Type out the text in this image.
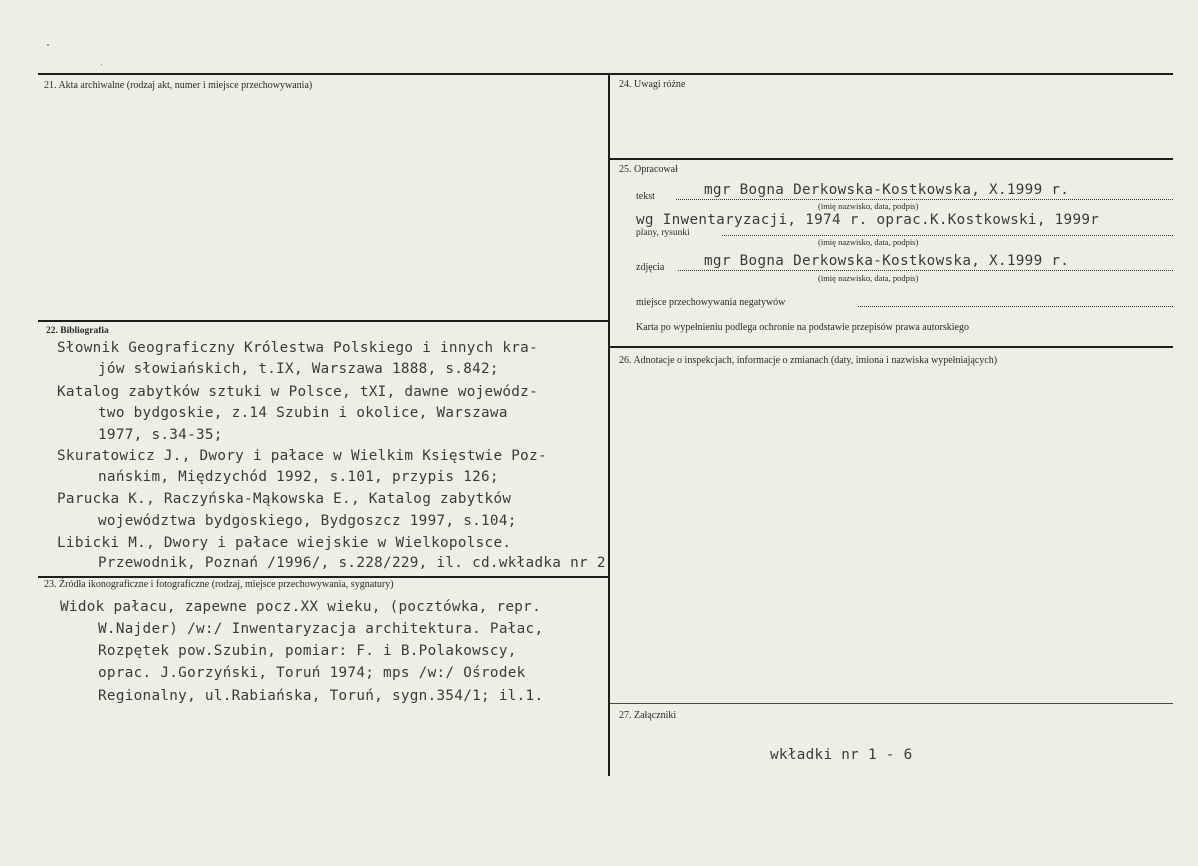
21. Akta archiwalne (rodzaj akt, numer i miejsce przechowywania)
22. Bibliografia
Słownik Geograficzny Królestwa Polskiego i innych kra-
jów słowiańskich, t.IX, Warszawa 1888, s.842;
Katalog zabytków sztuki w Polsce, tXI, dawne wojewódz-
two bydgoskie, z.14 Szubin i okolice, Warszawa
1977, s.34-35;
Skuratowicz J., Dwory i pałace w Wielkim Księstwie Poz-
nańskim, Międzychód 1992, s.101, przypis 126;
Parucka K., Raczyńska-Mąkowska E., Katalog zabytków
województwa bydgoskiego, Bydgoszcz 1997, s.104;
Libicki M., Dwory i pałace wiejskie w Wielkopolsce.
Przewodnik, Poznań /1996/, s.228/229, il. cd.wkładka nr 2
23. Źródła ikonograficzne i fotograficzne (rodzaj, miejsce przechowywania, sygnatury)
Widok pałacu, zapewne pocz.XX wieku, (pocztówka, repr.
W.Najder) /w:/ Inwentaryzacja architektura. Pałac,
Rozpętek pow.Szubin, pomiar: F. i B.Polakowscy,
oprac. J.Gorzyński, Toruń 1974; mps /w:/ Ośrodek
Regionalny, ul.Rabiańska, Toruń, sygn.354/1; il.1.
24. Uwagi różne
25. Opracował
tekst	mgr Bogna Derkowska-Kostkowska, X.1999 r.
(imię nazwisko, data, podpis)
wg Inwentaryzacji, 1974 r. oprac.K.Kostkowski, 1999r
plany, rysunki
(imię nazwisko, data, podpis)
zdjęcia	mgr Bogna Derkowska-Kostkowska, X.1999 r.
(imię nazwisko, data, podpis)
miejsce przechowywania negatywów
Karta po wypełnieniu podlega ochronie na podstawie przepisów prawa autorskiego
26. Adnotacje o inspekcjach, informacje o zmianach (daty, imiona i nazwiska wypełniających)
27. Załączniki
wkładki nr 1 - 6
